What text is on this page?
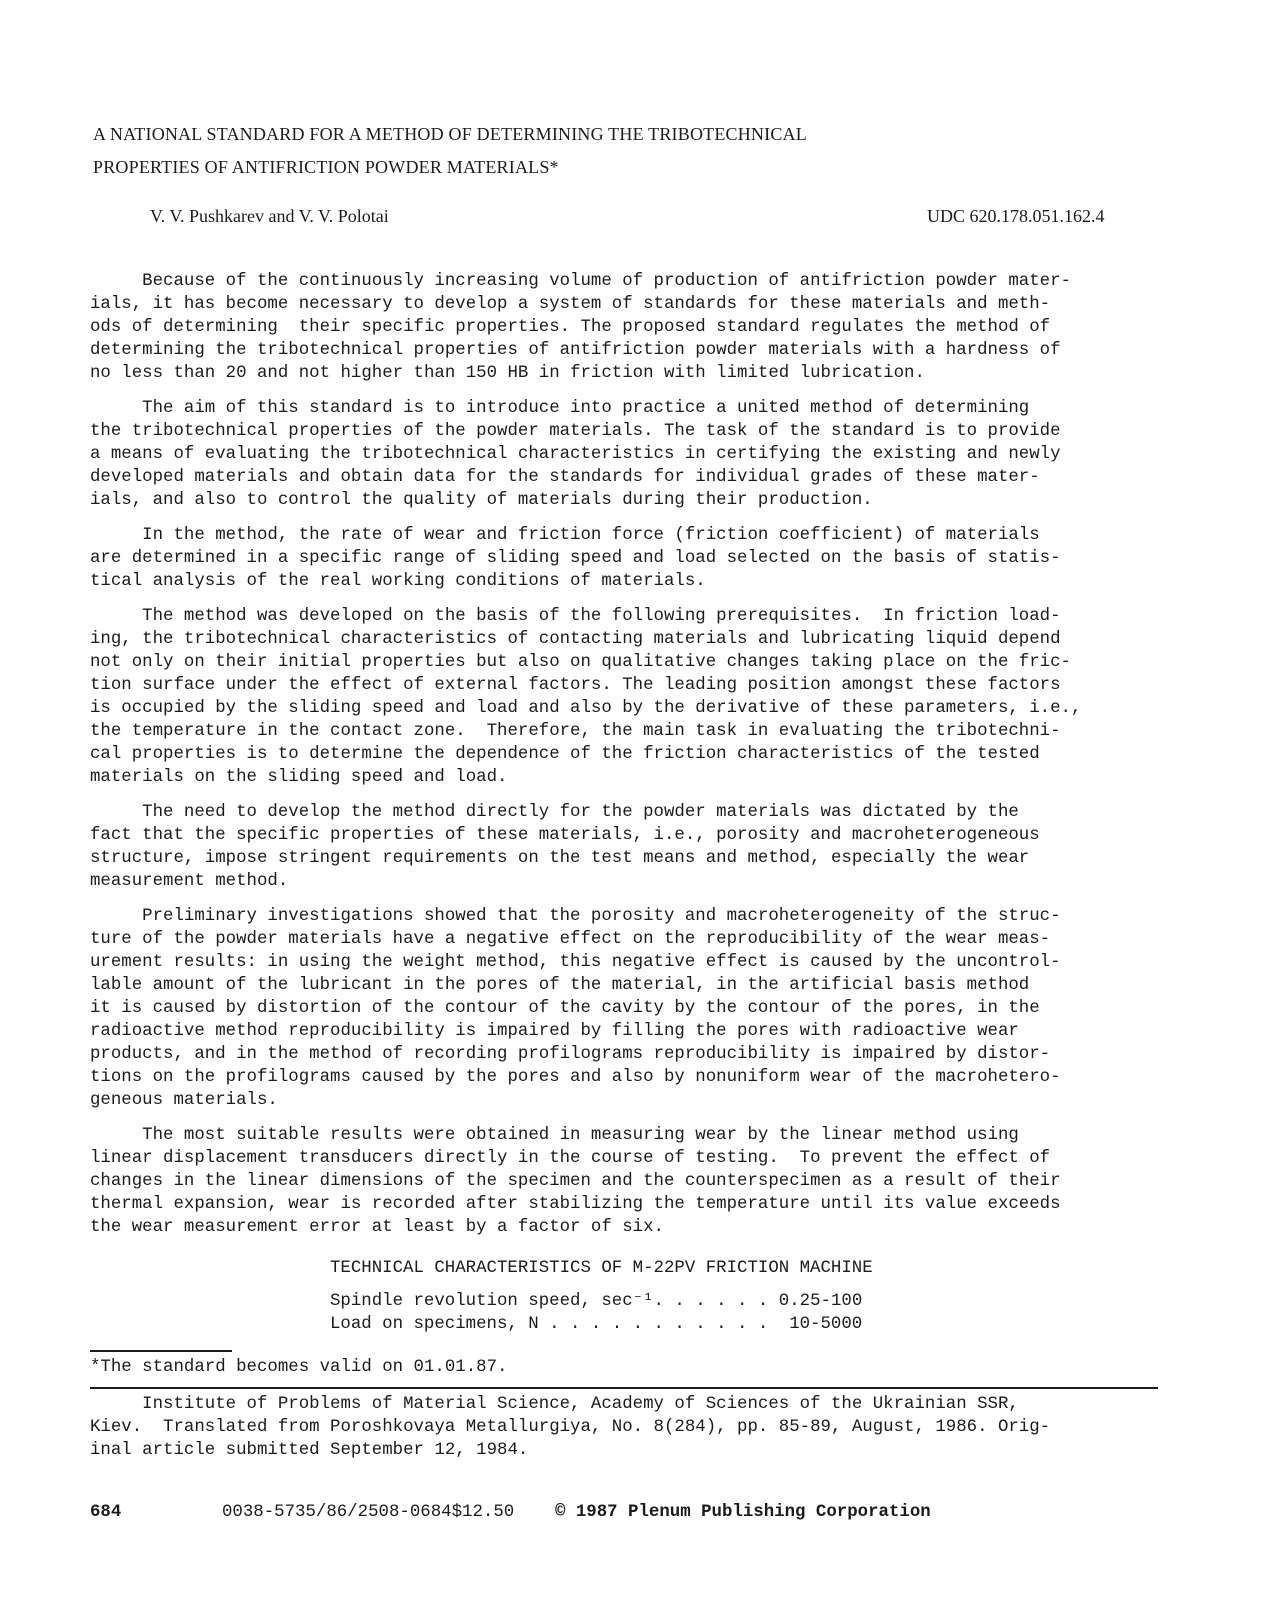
A NATIONAL STANDARD FOR A METHOD OF DETERMINING THE TRIBOTECHNICAL
PROPERTIES OF ANTIFRICTION POWDER MATERIALS*
V. V. Pushkarev and V. V. Polotai	UDC 620.178.051.162.4
Because of the continuously increasing volume of production of antifriction powder mater-
ials, it has become necessary to develop a system of standards for these materials and meth-
ods of determining  their specific properties. The proposed standard regulates the method of
determining the tribotechnical properties of antifriction powder materials with a hardness of
no less than 20 and not higher than 150 HB in friction with limited lubrication.
The aim of this standard is to introduce into practice a united method of determining
the tribotechnical properties of the powder materials. The task of the standard is to provide
a means of evaluating the tribotechnical characteristics in certifying the existing and newly
developed materials and obtain data for the standards for individual grades of these mater-
ials, and also to control the quality of materials during their production.
In the method, the rate of wear and friction force (friction coefficient) of materials
are determined in a specific range of sliding speed and load selected on the basis of statis-
tical analysis of the real working conditions of materials.
The method was developed on the basis of the following prerequisites.  In friction load-
ing, the tribotechnical characteristics of contacting materials and lubricating liquid depend
not only on their initial properties but also on qualitative changes taking place on the fric-
tion surface under the effect of external factors. The leading position amongst these factors
is occupied by the sliding speed and load and also by the derivative of these parameters, i.e.,
the temperature in the contact zone.  Therefore, the main task in evaluating the tribotechni-
cal properties is to determine the dependence of the friction characteristics of the tested
materials on the sliding speed and load.
The need to develop the method directly for the powder materials was dictated by the
fact that the specific properties of these materials, i.e., porosity and macroheterogeneous
structure, impose stringent requirements on the test means and method, especially the wear
measurement method.
Preliminary investigations showed that the porosity and macroheterogeneity of the struc-
ture of the powder materials have a negative effect on the reproducibility of the wear meas-
urement results: in using the weight method, this negative effect is caused by the uncontrol-
lable amount of the lubricant in the pores of the material, in the artificial basis method
it is caused by distortion of the contour of the cavity by the contour of the pores, in the
radioactive method reproducibility is impaired by filling the pores with radioactive wear
products, and in the method of recording profilograms reproducibility is impaired by distor-
tions on the profilograms caused by the pores and also by nonuniform wear of the macrohetero-
geneous materials.
The most suitable results were obtained in measuring wear by the linear method using
linear displacement transducers directly in the course of testing.  To prevent the effect of
changes in the linear dimensions of the specimen and the counterspecimen as a result of their
thermal expansion, wear is recorded after stabilizing the temperature until its value exceeds
the wear measurement error at least by a factor of six.
TECHNICAL CHARACTERISTICS OF M-22PV FRICTION MACHINE
Spindle revolution speed, sec⁻¹. . . . . . 0.25-100
Load on specimens, N . . . . . . . . . . .  10-5000
*The standard becomes valid on 01.01.87.
Institute of Problems of Material Science, Academy of Sciences of the Ukrainian SSR,
Kiev.  Translated from Poroshkovaya Metallurgiya, No. 8(284), pp. 85-89, August, 1986. Orig-
inal article submitted September 12, 1984.
684	0038-5735/86/2508-0684$12.50 © 1987 Plenum Publishing Corporation
